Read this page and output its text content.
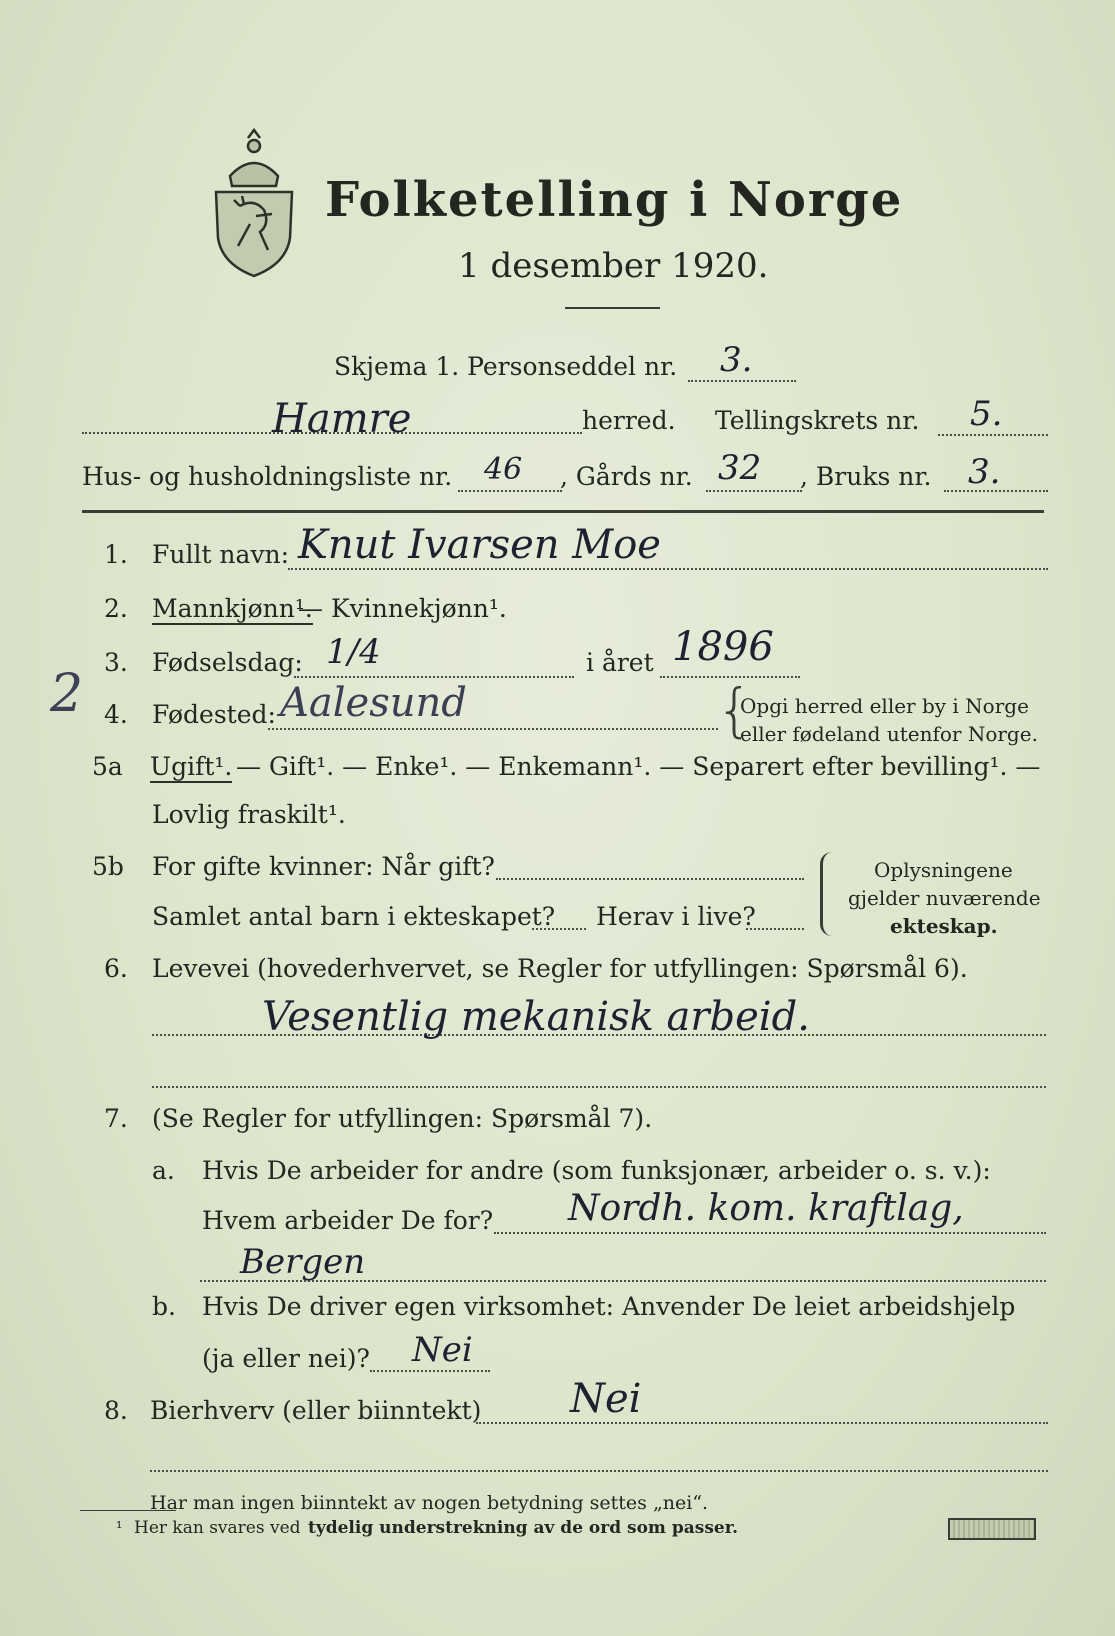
Folketelling i Norge
1 desember 1920.
Skjema 1. Personseddel nr. 3.
Hamre	herred. Tellingskrets nr. 5.
Hus- og husholdningsliste nr. 46 , Gårds nr. 32 , Bruks nr. 3.
1. Fullt navn: Knut Ivarsen Moe
2. Mannkjønn¹.
— Kvinnekjønn¹.
3. Fødselsdag: 1/4	i året 1896
2 4. Fødested: Aalesund	{
Opgi herred eller by i Norge
eller fødeland utenfor Norge.
5a Ugift¹. — Gift¹. — Enke¹. — Enkemann¹. — Separert efter bevilling¹. —
Lovlig fraskilt¹.
5b For gifte kvinner: Når gift?
Samlet antal barn i ekteskapet? Herav i live?
Oplysningene
gjelder nuværende
ekteskap.
6. Levevei (hovederhvervet, se Regler for utfyllingen: Spørsmål 6).
Vesentlig mekanisk arbeid.
7. (Se Regler for utfyllingen: Spørsmål 7).
a. Hvis De arbeider for andre (som funksjonær, arbeider o. s. v.):
Hvem arbeider De for? Nordh. kom. kraftlag,
Bergen
b. Hvis De driver egen virksomhet: Anvender De leiet arbeidshjelp
(ja eller nei)? Nei
8. Bierhverv (eller biinntekt) Nei
Har man ingen biinntekt av nogen betydning settes „nei“.
¹ Her kan svares ved tydelig understrekning av de ord som passer.
